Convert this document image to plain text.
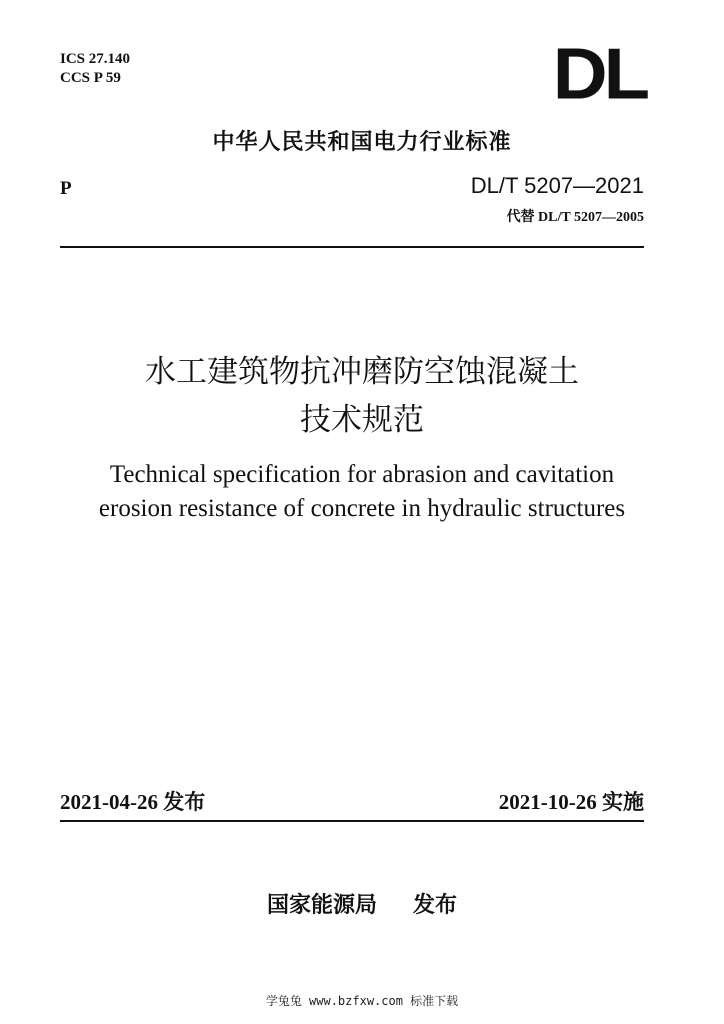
ICS 27.140
CCS P 59	DL
中华人民共和国电力行业标准
P	DL/T 5207—2021
代替 DL/T 5207—2005
水工建筑物抗冲磨防空蚀混凝土
技术规范
Technical specification for abrasion and cavitation
erosion resistance of concrete in hydraulic structures
2021-04-26 发布	2021-10-26 实施
国家能源局 发布
学兔兔 www.bzfxw.com 标准下载
